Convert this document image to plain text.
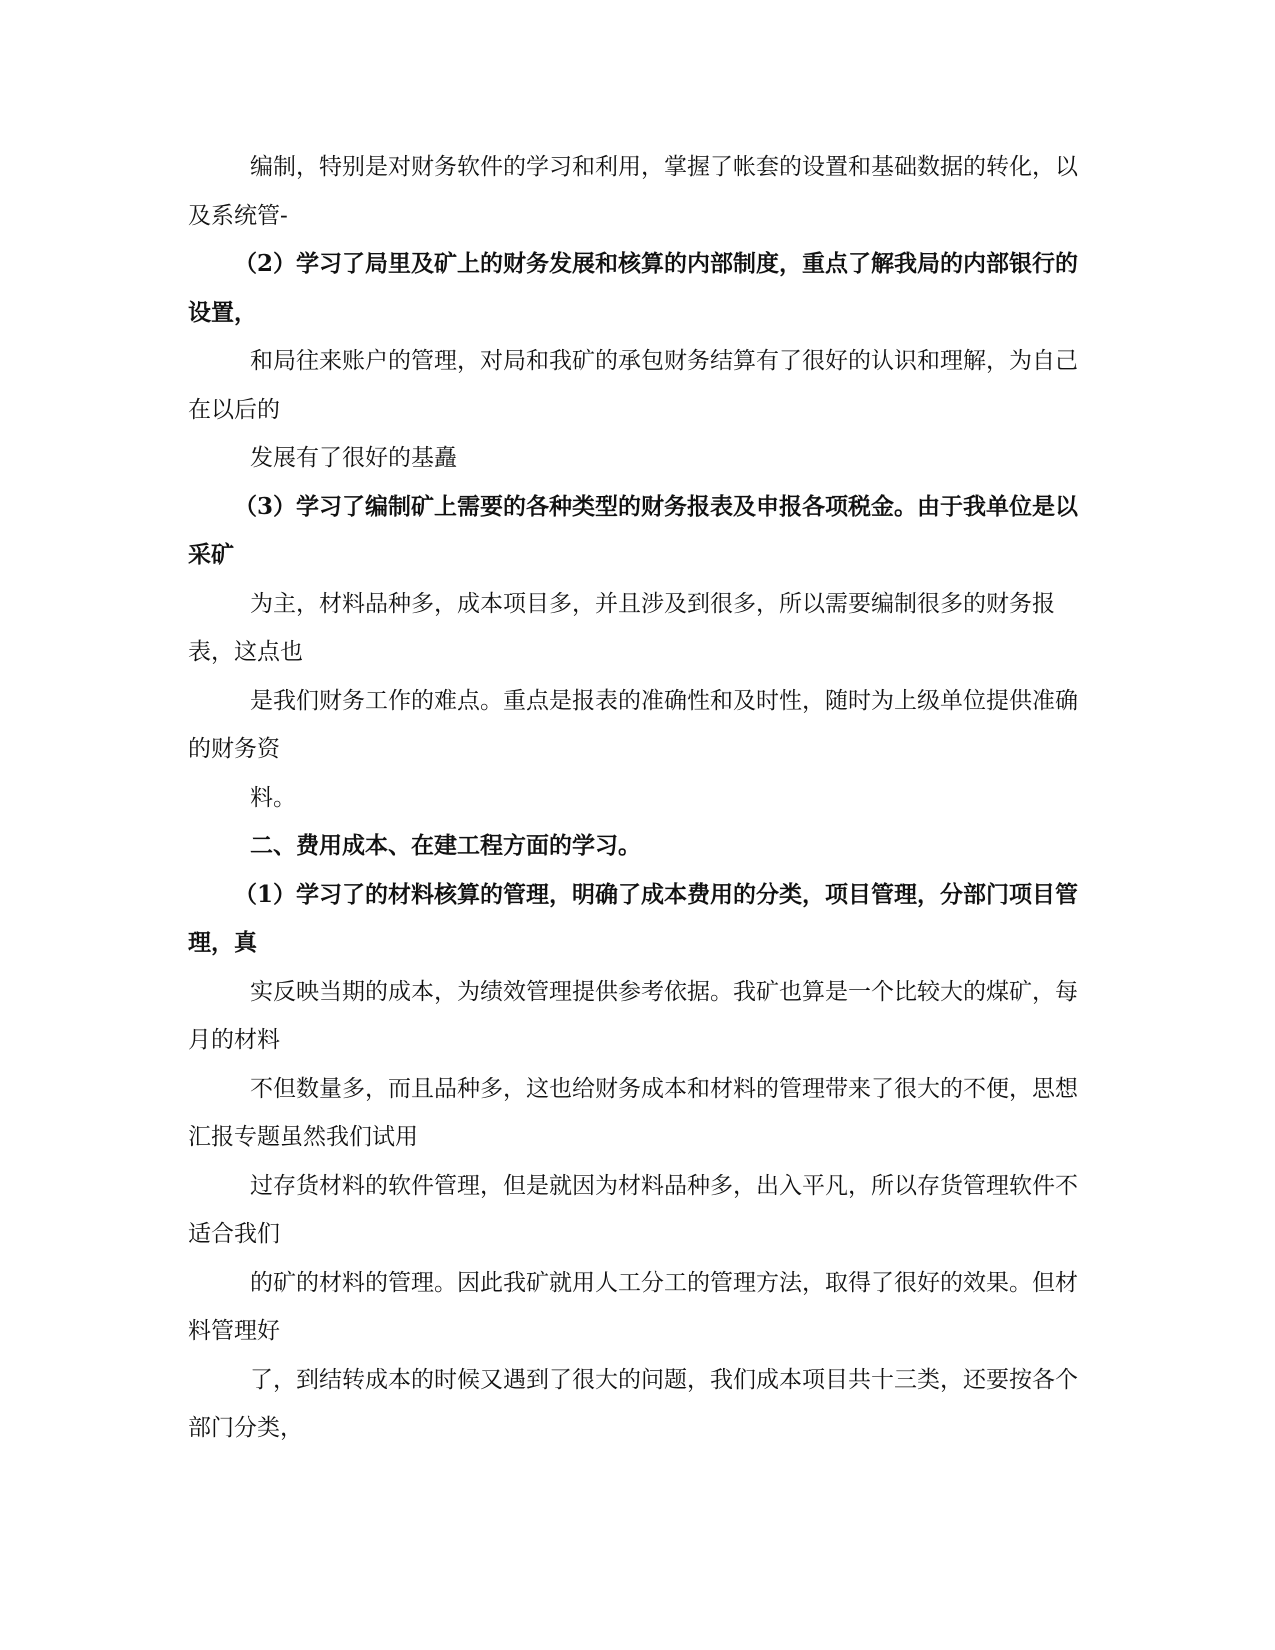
编制，特别是对财务软件的学习和利用，掌握了帐套的设置和基础数据的转化，以及系统管-

（2）学习了局里及矿上的财务发展和核算的内部制度，重点了解我局的内部银行的设置，

和局往来账户的管理，对局和我矿的承包财务结算有了很好的认识和理解，为自己在以后的

发展有了很好的基矗

（3）学习了编制矿上需要的各种类型的财务报表及申报各项税金。由于我单位是以采矿

为主，材料品种多，成本项目多，并且涉及到很多，所以需要编制很多的财务报表，这点也

是我们财务工作的难点。重点是报表的准确性和及时性，随时为上级单位提供准确的财务资

料。

二、费用成本、在建工程方面的学习。

（1）学习了的材料核算的管理，明确了成本费用的分类，项目管理，分部门项目管理，真

实反映当期的成本，为绩效管理提供参考依据。我矿也算是一个比较大的煤矿，每月的材料

不但数量多，而且品种多，这也给财务成本和材料的管理带来了很大的不便，思想汇报专题虽然我们试用

过存货材料的软件管理，但是就因为材料品种多，出入平凡，所以存货管理软件不适合我们

的矿的材料的管理。因此我矿就用人工分工的管理方法，取得了很好的效果。但材料管理好

了，到结转成本的时候又遇到了很大的问题，我们成本项目共十三类，还要按各个部门分类，
